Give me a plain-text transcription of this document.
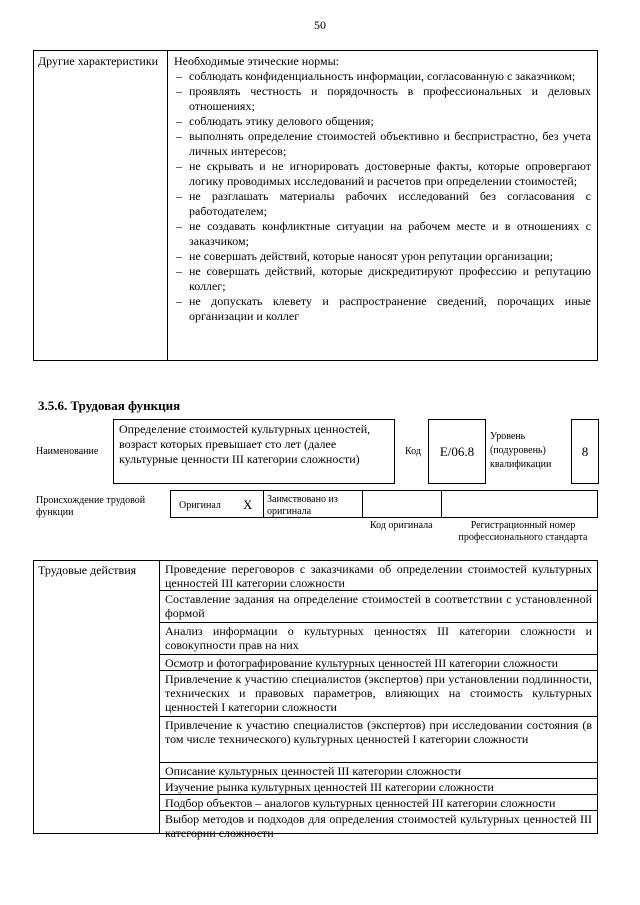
50
Другие характеристики	Необходимые этические нормы:
– соблюдать конфиденциальность информации, согласованную с заказчиком;
– проявлять честность и порядочность в профессиональных и деловых отношениях;
– соблюдать этику делового общения;
– выполнять определение стоимостей объективно и беспристрастно, без учета личных интересов;
– не скрывать и не игнорировать достоверные факты, которые опровергают логику проводимых исследований и расчетов при определении стоимостей;
– не разглашать материалы рабочих исследований без согласования с работодателем;
– не создавать конфликтные ситуации на рабочем месте и в отношениях с заказчиком;
– не совершать действий, которые наносят урон репутации организации;
– не совершать действий, которые дискредитируют профессию и репутацию коллег;
– не допускать клевету и распространение сведений, порочащих иные организации и коллег
3.5.6. Трудовая функция
Наименование
Определение стоимостей культурных ценностей, возраст которых превышает сто лет (далее культурные ценности III категории сложности)
Код	E/06.8
Уровень (подуровень) квалификации
8
Происхождение трудовой функции
Оригинал X Заимствовано из оригинала
Код оригинала	Регистрационный номер профессионального стандарта
Трудовые действия	Проведение переговоров с заказчиками об определении стоимостей культурных ценностей III категории сложности
Составление задания на определение стоимостей в соответствии с установленной формой
Анализ информации о культурных ценностях III категории сложности и совокупности прав на них
Осмотр и фотографирование культурных ценностей III категории сложности
Привлечение к участию специалистов (экспертов) при установлении подлинности, технических и правовых параметров, влияющих на стоимость культурных ценностей I категории сложности
Привлечение к участию специалистов (экспертов) при исследовании состояния (в том числе технического) культурных ценностей I категории сложности
Описание культурных ценностей III категории сложности
Изучение рынка культурных ценностей III категории сложности
Подбор объектов – аналогов культурных ценностей III категории сложности
Выбор методов и подходов для определения стоимостей культурных ценностей III категории сложности
